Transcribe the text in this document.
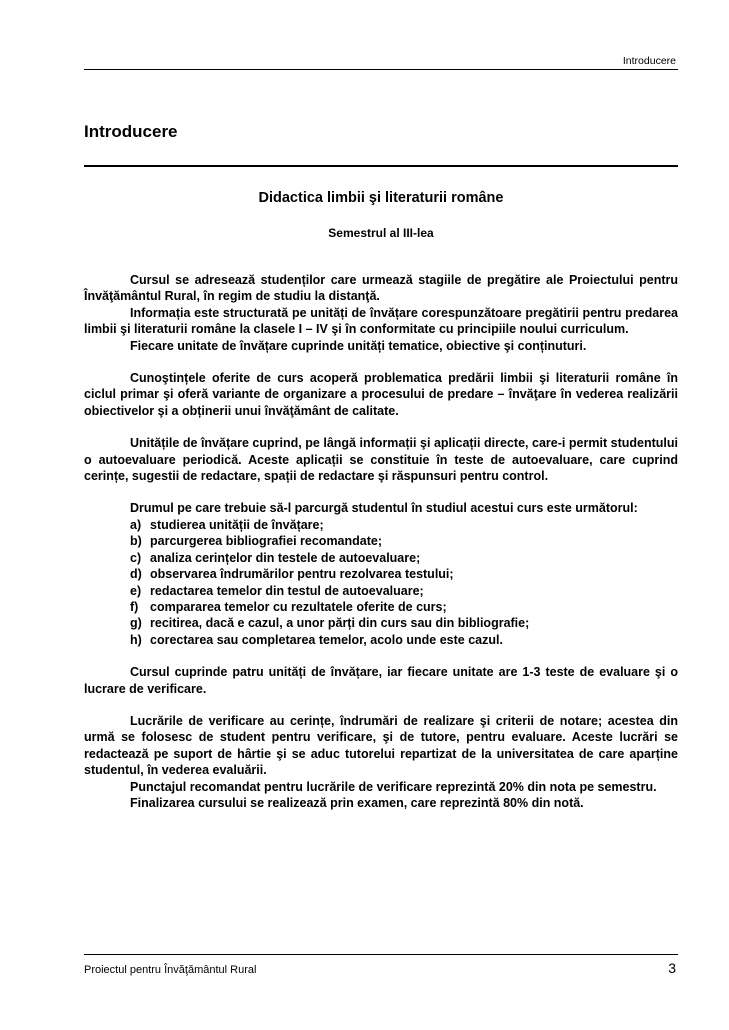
Introducere
Introducere
Didactica limbii şi literaturii române
Semestrul al III-lea

Cursul se adresează studenților care urmează stagiile de pregătire ale Proiectului pentru Învăţământul Rural, în regim de studiu la distanţă.

Informația este structurată pe unități de învățare corespunzătoare pregătirii pentru predarea limbii şi literaturii române la clasele I – IV şi în conformitate cu principiile noului curriculum.

Fiecare unitate de învățare cuprinde unități tematice, obiective şi conținuturi.

Cunoştințele oferite de curs acoperă problematica predării limbii şi literaturii române în ciclul primar şi oferă variante de organizare a procesului de predare – învăţare în vederea realizării obiectivelor şi a obținerii unui învăţământ de calitate.

Unitățile de învățare cuprind, pe lângă informații şi aplicații directe, care-i permit studentului o autoevaluare periodică. Aceste aplicații se constituie în teste de autoevaluare, care cuprind cerințe, sugestii de redactare, spații de redactare şi răspunsuri pentru control.

Drumul pe care trebuie să-l parcurgă studentul în studiul acestui curs este următorul:

a) studierea unității de învățare;
b) parcurgerea bibliografiei recomandate;
c) analiza cerințelor din testele de autoevaluare;
d) observarea îndrumărilor pentru rezolvarea testului;
e) redactarea temelor din testul de autoevaluare;
f) compararea temelor cu rezultatele oferite de curs;
g) recitirea, dacă e cazul, a unor părți din curs sau din bibliografie;
h) corectarea sau completarea temelor, acolo unde este cazul.

Cursul cuprinde patru unități de învățare, iar fiecare unitate are 1-3 teste de evaluare şi o lucrare de verificare.

Lucrările de verificare au cerințe, îndrumări de realizare şi criterii de notare; acestea din urmă se folosesc de student pentru verificare, şi de tutore, pentru evaluare. Aceste lucrări se redactează pe suport de hârtie şi se aduc tutorelui repartizat de la universitatea de care aparține studentul, în vederea evaluării.

Punctajul recomandat pentru lucrările de verificare reprezintă 20% din nota pe semestru.

Finalizarea cursului se realizează prin examen, care reprezintă 80% din notă.

Proiectul pentru Învăţământul Rural	3
